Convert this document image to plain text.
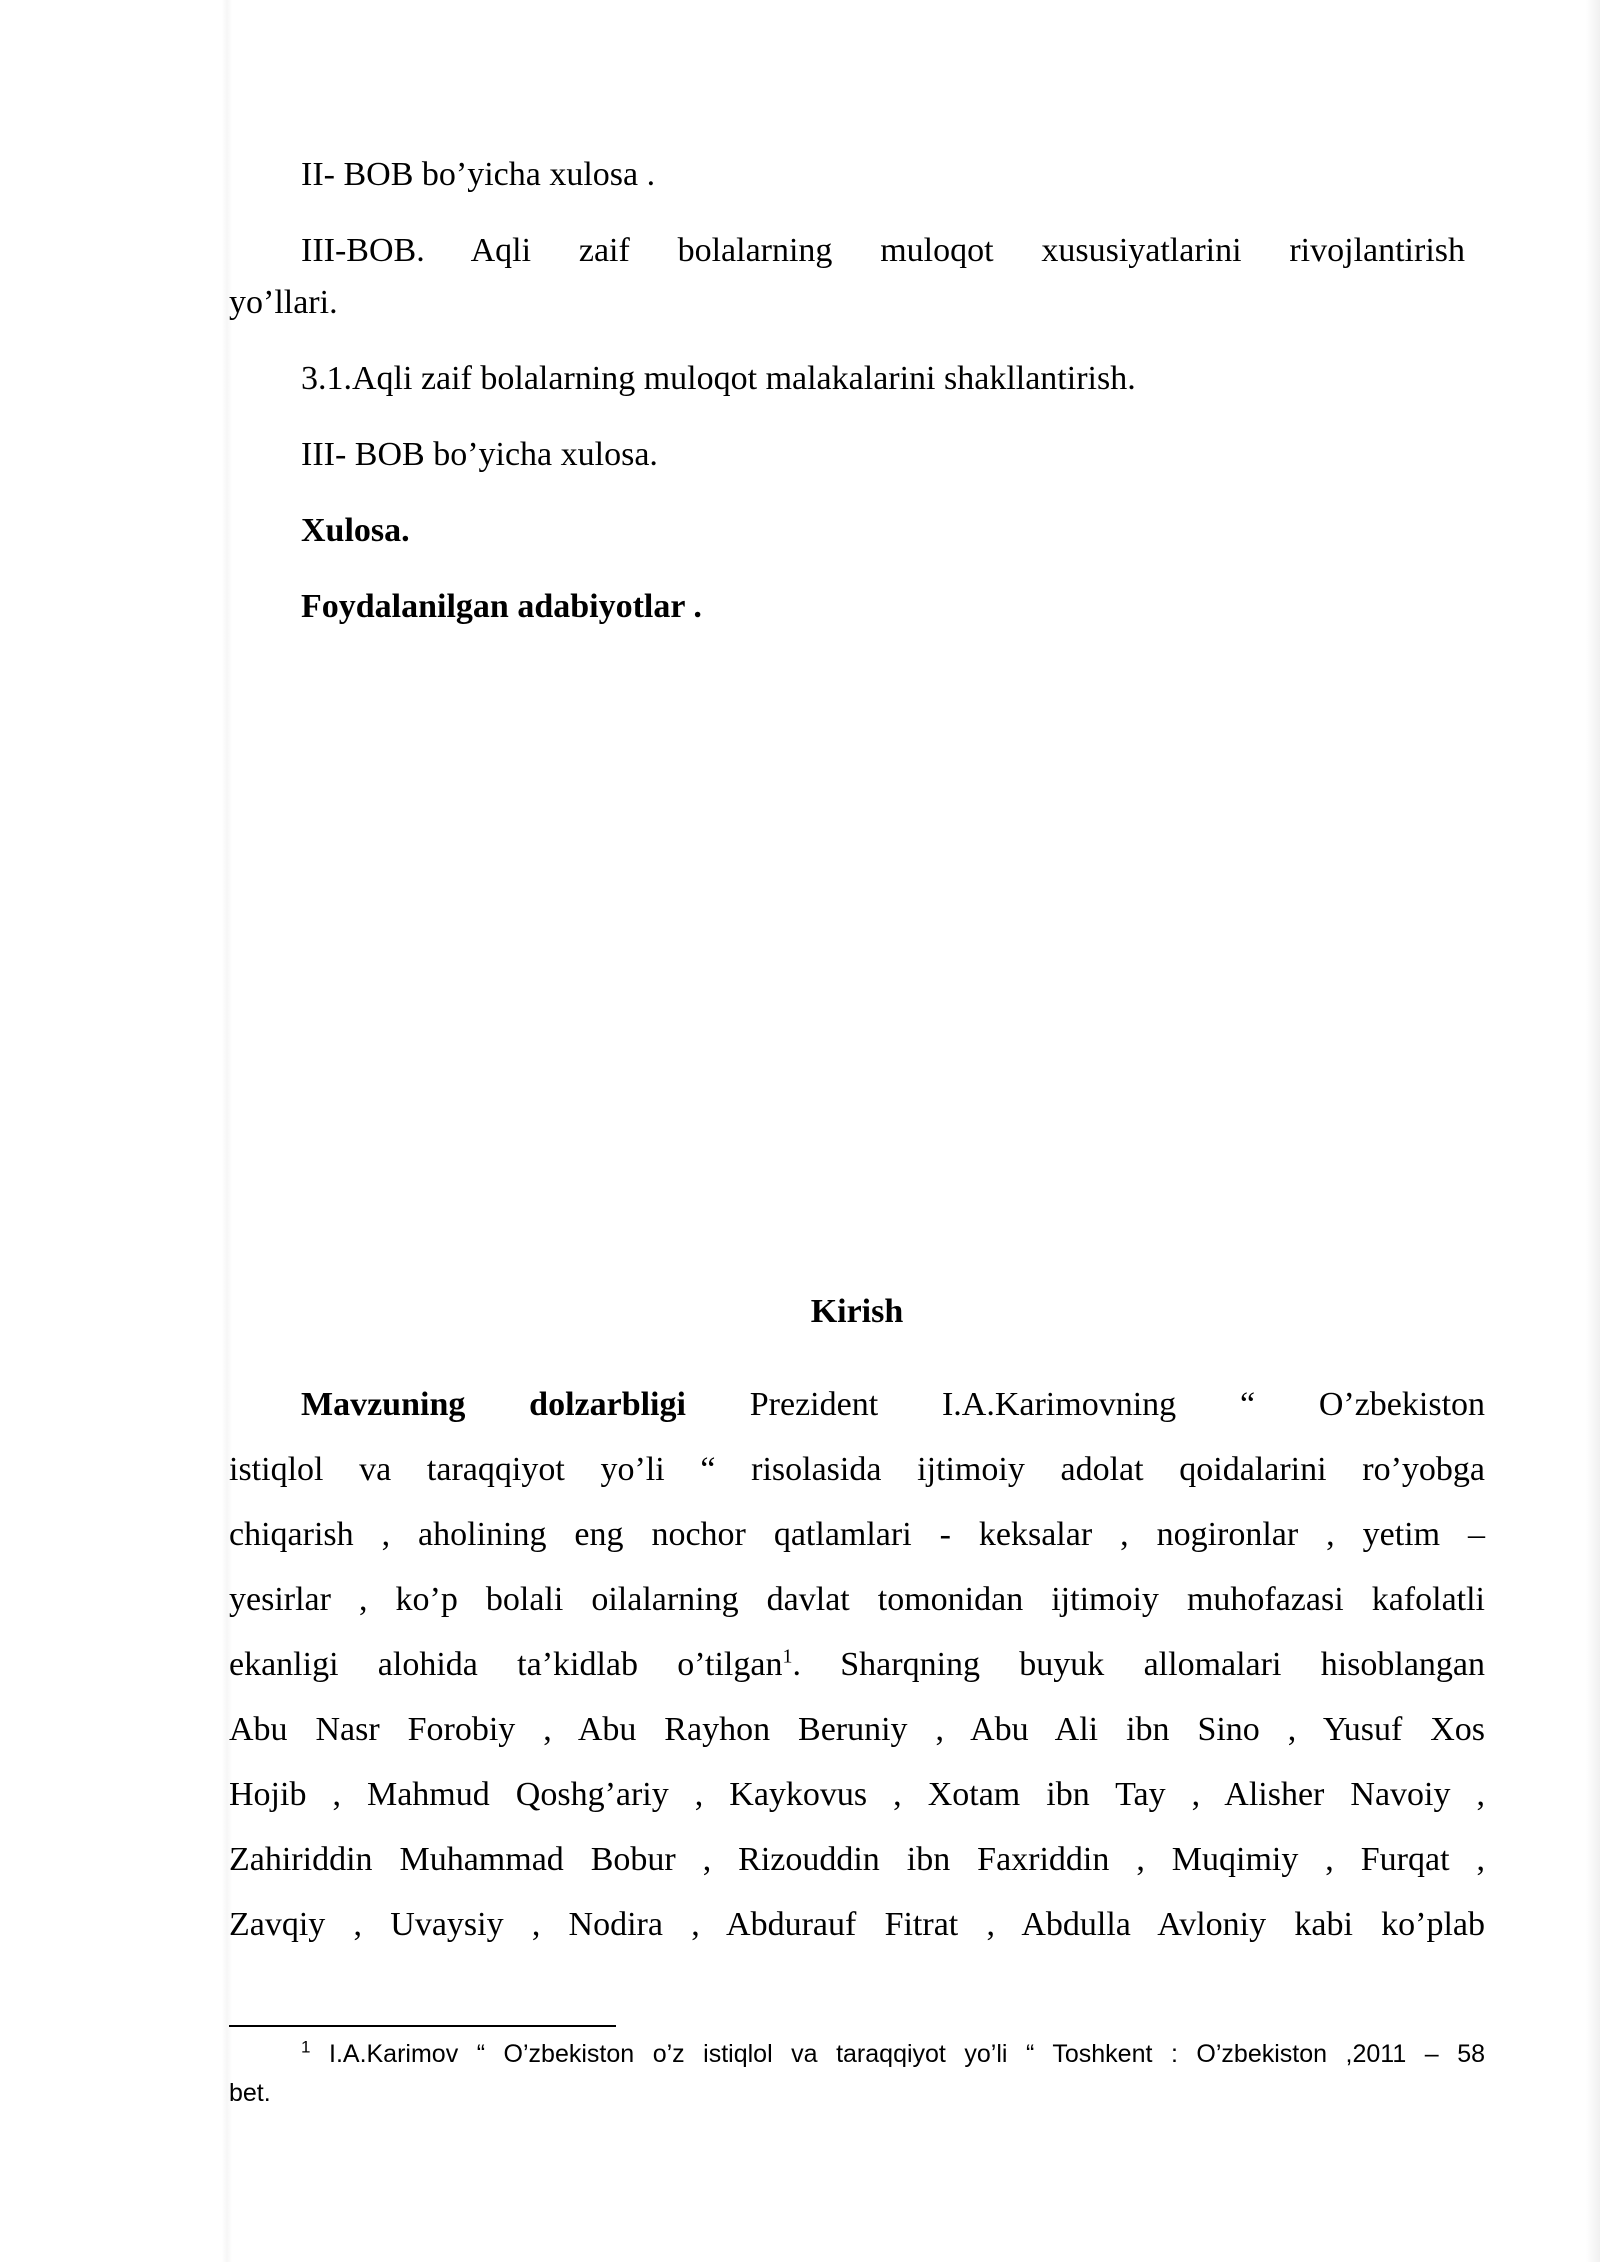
II- BOB bo’yicha xulosa .
III-BOB. Aqli zaif bolalarning muloqot xususiyatlarini rivojlantirish
yo’llari.
3.1.Aqli zaif bolalarning muloqot malakalarini shakllantirish.
III- BOB bo’yicha xulosa.
Xulosa.
Foydalanilgan adabiyotlar .
Kirish
Mavzuning dolzarbligi Prezident I.A.Karimovning “ O’zbekiston
istiqlol va taraqqiyot yo’li “ risolasida ijtimoiy adolat qoidalarini ro’yobga
chiqarish , aholining eng nochor qatlamlari - keksalar , nogironlar , yetim –
yesirlar , ko’p bolali oilalarning davlat tomonidan ijtimoiy muhofazasi kafolatli
ekanligi alohida ta’kidlab o’tilgan$^1$. Sharqning buyuk allomalari hisoblangan
Abu Nasr Forobiy , Abu Rayhon Beruniy , Abu Ali ibn Sino , Yusuf Xos
Hojib , Mahmud Qoshg’ariy , Kaykovus , Xotam ibn Tay , Alisher Navoiy ,
Zahiriddin Muhammad Bobur , Rizouddin ibn Faxriddin , Muqimiy , Furqat ,
Zavqiy , Uvaysiy , Nodira , Abdurauf Fitrat , Abdulla Avloniy kabi ko’plab
$^1$ I.A.Karimov “ O’zbekiston o’z istiqlol va taraqqiyot yo’li “ Toshkent : O’zbekiston ,2011 – 58
bet.
